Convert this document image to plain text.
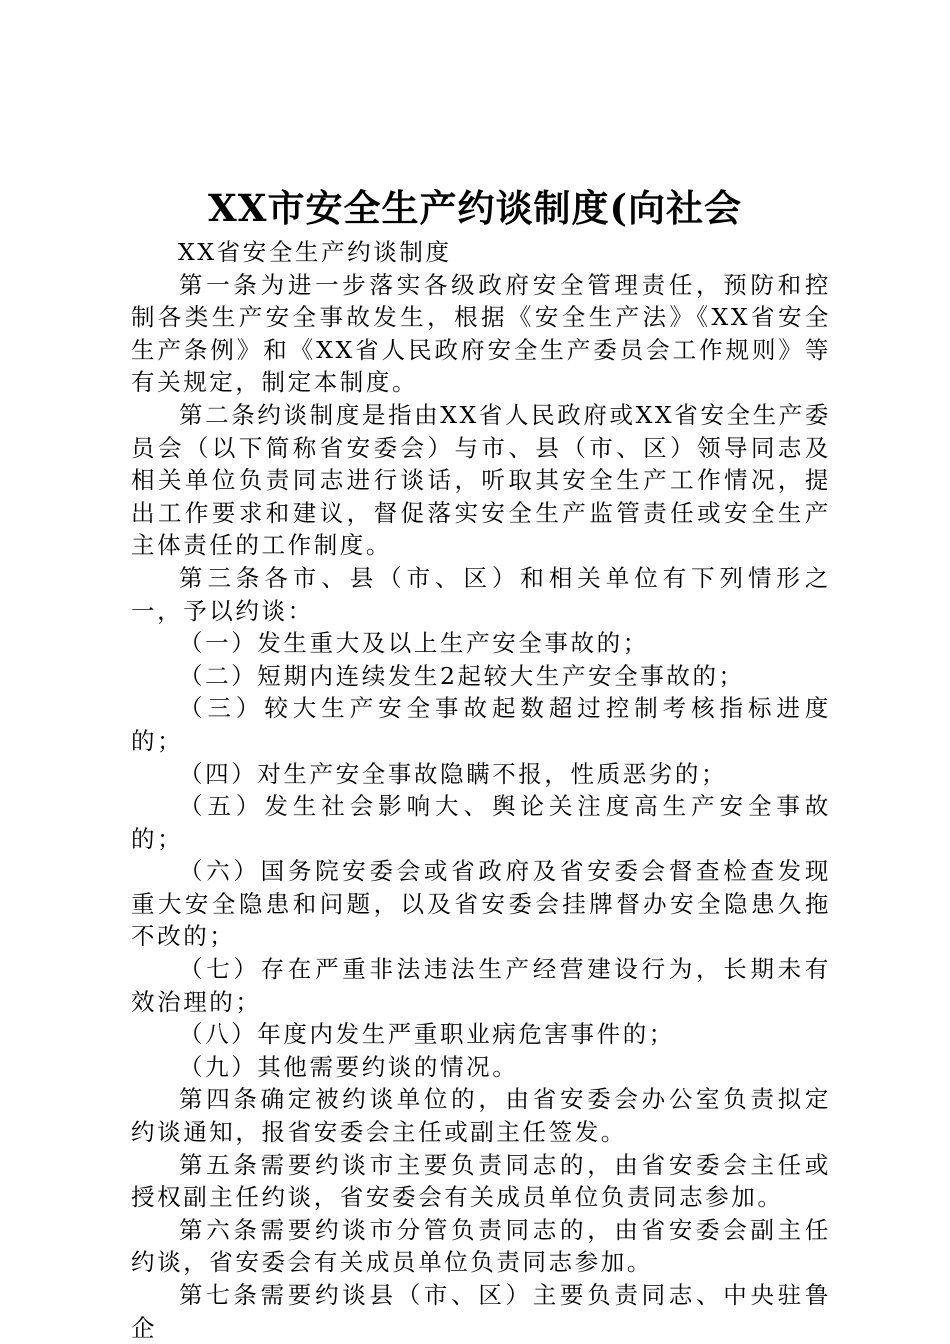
XX市安全生产约谈制度(向社会

XX省安全生产约谈制度

第一条为进一步落实各级政府安全管理责任，预防和控制各类生产安全事故发生，根据《安全生产法》《XX省安全生产条例》和《XX省人民政府安全生产委员会工作规则》等有关规定，制定本制度。

第二条约谈制度是指由XX省人民政府或XX省安全生产委员会（以下简称省安委会）与市、县（市、区）领导同志及相关单位负责同志进行谈话，听取其安全生产工作情况，提出工作要求和建议，督促落实安全生产监管责任或安全生产主体责任的工作制度。

第三条各市、县（市、区）和相关单位有下列情形之一，予以约谈：

（一）发生重大及以上生产安全事故的；

（二）短期内连续发生2起较大生产安全事故的；

（三）较大生产安全事故起数超过控制考核指标进度的；

（四）对生产安全事故隐瞒不报，性质恶劣的；

（五）发生社会影响大、舆论关注度高生产安全事故的；

（六）国务院安委会或省政府及省安委会督查检查发现重大安全隐患和问题，以及省安委会挂牌督办安全隐患久拖不改的；

（七）存在严重非法违法生产经营建设行为，长期未有效治理的；

（八）年度内发生严重职业病危害事件的；

（九）其他需要约谈的情况。

第四条确定被约谈单位的，由省安委会办公室负责拟定约谈通知，报省安委会主任或副主任签发。

第五条需要约谈市主要负责同志的，由省安委会主任或授权副主任约谈，省安委会有关成员单位负责同志参加。

第六条需要约谈市分管负责同志的，由省安委会副主任约谈，省安委会有关成员单位负责同志参加。

第七条需要约谈县（市、区）主要负责同志、中央驻鲁企
